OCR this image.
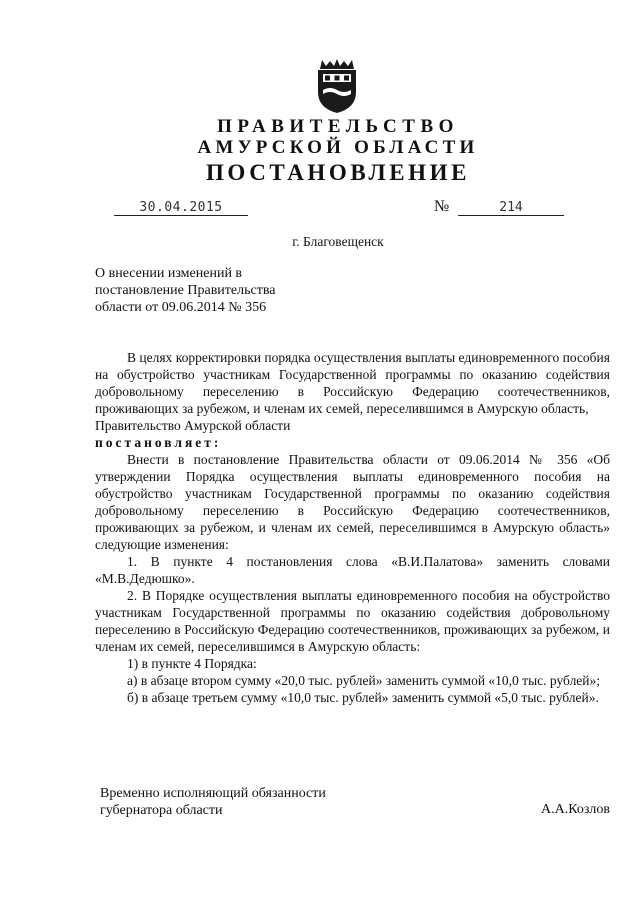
ПРАВИТЕЛЬСТВО
АМУРСКОЙ ОБЛАСТИ
ПОСТАНОВЛЕНИЕ
30.04.2015	№	214
г. Благовещенск
О внесении изменений в
постановление Правительства
области от 09.06.2014 № 356

В целях корректировки порядка осуществления выплаты единовременного пособия на обустройство участникам Государственной программы по оказанию содействия добровольному переселению в Российскую Федерацию соотечественников, проживающих за рубежом, и членам их семей, переселившимся в Амурскую область,

Правительство Амурской области

постановляет:

Внести в постановление Правительства области от 09.06.2014 № 356 «Об утверждении Порядка осуществления выплаты единовременного пособия на обустройство участникам Государственной программы по оказанию содействия добровольному переселению в Российскую Федерацию соотечественников, проживающих за рубежом, и членам их семей, переселившимся в Амурскую область» следующие изменения:

1. В пункте 4 постановления слова «В.И.Палатова» заменить словами «М.В.Дедюшко».

2. В Порядке осуществления выплаты единовременного пособия на обустройство участникам Государственной программы по оказанию содействия добровольному переселению в Российскую Федерацию соотечественников, проживающих за рубежом, и членам их семей, переселившимся в Амурскую область:

1) в пункте 4 Порядка:

а) в абзаце втором сумму «20,0 тыс. рублей» заменить суммой «10,0 тыс. рублей»;

б) в абзаце третьем сумму «10,0 тыс. рублей» заменить суммой «5,0 тыс. рублей».

Временно исполняющий обязанности
губернатора области	А.А.Козлов
